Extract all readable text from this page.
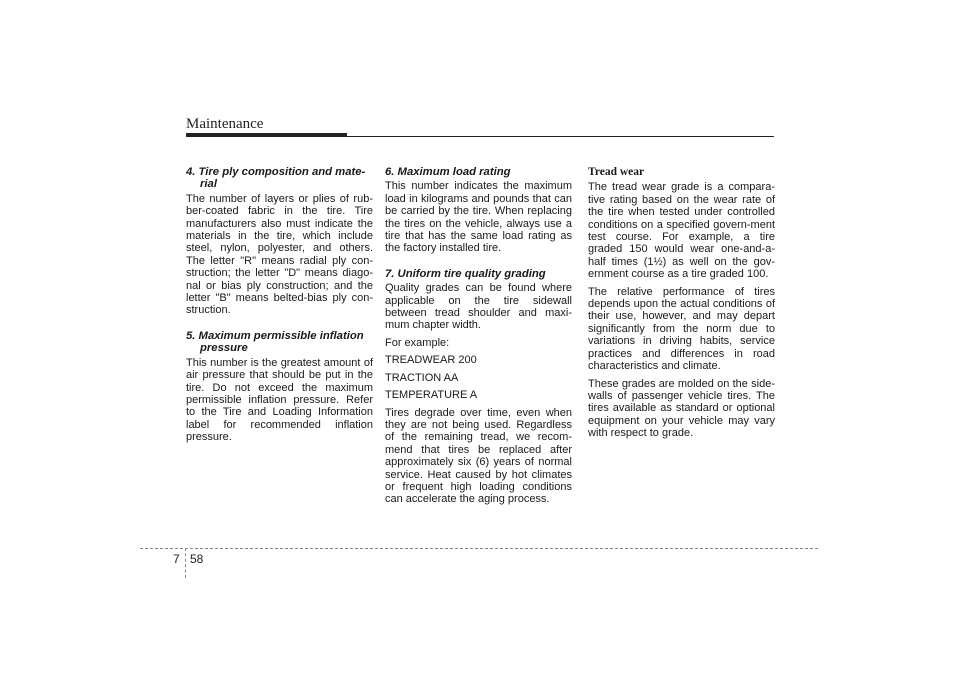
Maintenance
4. Tire ply composition and mate-
rial

The number of layers or plies of rub-ber-coated fabric in the tire. Tire manufacturers also must indicate the materials in the tire, which include steel, nylon, polyester, and others. The letter "R" means radial ply con-struction; the letter "D" means diago-nal or bias ply construction; and the letter "B" means belted-bias ply con-struction.

5. Maximum permissible inflation
pressure

This number is the greatest amount of air pressure that should be put in the tire. Do not exceed the maximum permissible inflation pressure. Refer to the Tire and Loading Information label for recommended inflation pressure.

6. Maximum load rating

This number indicates the maximum load in kilograms and pounds that can be carried by the tire. When replacing the tires on the vehicle, always use a tire that has the same load rating as the factory installed tire.

7. Uniform tire quality grading

Quality grades can be found where applicable on the tire sidewall between tread shoulder and maxi-mum chapter width.

For example:

TREADWEAR 200

TRACTION AA

TEMPERATURE A

Tires degrade over time, even when they are not being used. Regardless of the remaining tread, we recom-mend that tires be replaced after approximately six (6) years of normal service. Heat caused by hot climates or frequent high loading conditions can accelerate the aging process.

Tread wear

The tread wear grade is a compara-tive rating based on the wear rate of the tire when tested under controlled conditions on a specified govern-ment test course. For example, a tire graded 150 would wear one-and-a-half times (1½) as well on the gov-ernment course as a tire graded 100.

The relative performance of tires depends upon the actual conditions of their use, however, and may depart significantly from the norm due to variations in driving habits, service practices and differences in road characteristics and climate.

These grades are molded on the side-walls of passenger vehicle tires. The tires available as standard or optional equipment on your vehicle may vary with respect to grade.

7 58
